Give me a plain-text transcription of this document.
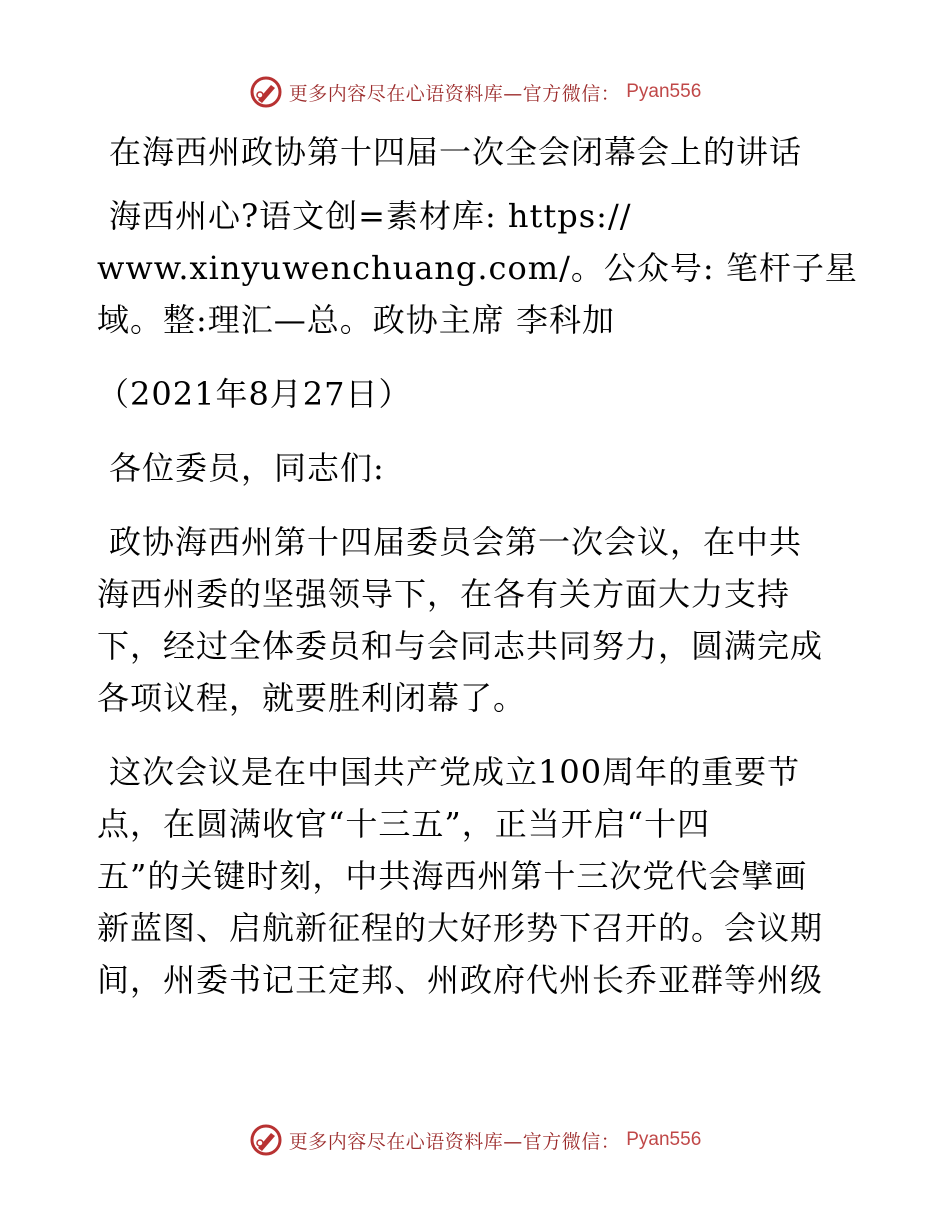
更多内容尽在心语资料库—官方微信： Pyan556
在海西州政协第十四届一次全会闭幕会上的讲话
海西州心?语文创=素材库: https://
www.xinyuwenchuang.com/。公众号: 笔杆子星
域。整:理汇—总。政协主席 李科加
（2021年8月27日）
各位委员，同志们:
政协海西州第十四届委员会第一次会议，在中共
海西州委的坚强领导下，在各有关方面大力支持
下，经过全体委员和与会同志共同努力，圆满完成
各项议程，就要胜利闭幕了。
这次会议是在中国共产党成立100周年的重要节
点，在圆满收官“十三五”，正当开启“十四
五”的关键时刻，中共海西州第十三次党代会擘画
新蓝图、启航新征程的大好形势下召开的。会议期
间，州委书记王定邦、州政府代州长乔亚群等州级
更多内容尽在心语资料库—官方微信： Pyan556
